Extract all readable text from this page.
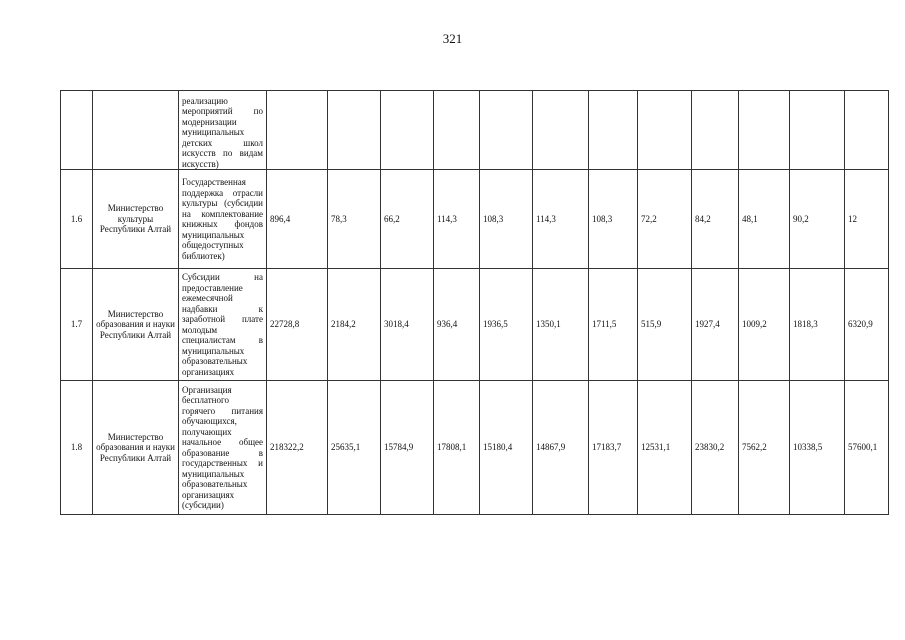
321
		реализацию мероприятий по модернизации муниципальных детских школ искусств по видам искусств)												
1.6	Министерство культуры Республики Алтай	Государственная поддержка отрасли культуры (субсидии на комплектование книжных фондов муниципальных общедоступных библиотек)	896,4	78,3	66,2	114,3	108,3	114,3	108,3	72,2	84,2	48,1	90,2	12
1.7	Министерство образования и науки Республики Алтай	Субсидии на предоставление ежемесячной надбавки к заработной плате молодым специалистам в муниципальных образовательных организациях	22728,8	2184,2	3018,4	936,4	1936,5	1350,1	1711,5	515,9	1927,4	1009,2	1818,3	6320,9
1.8	Министерство образования и науки Республики Алтай	Организация бесплатного горячего питания обучающихся, получающих начальное общее образование в государственных и муниципальных образовательных организациях (субсидии)	218322,2	25635,1	15784,9	17808,1	15180,4	14867,9	17183,7	12531,1	23830,2	7562,2	10338,5	57600,1
